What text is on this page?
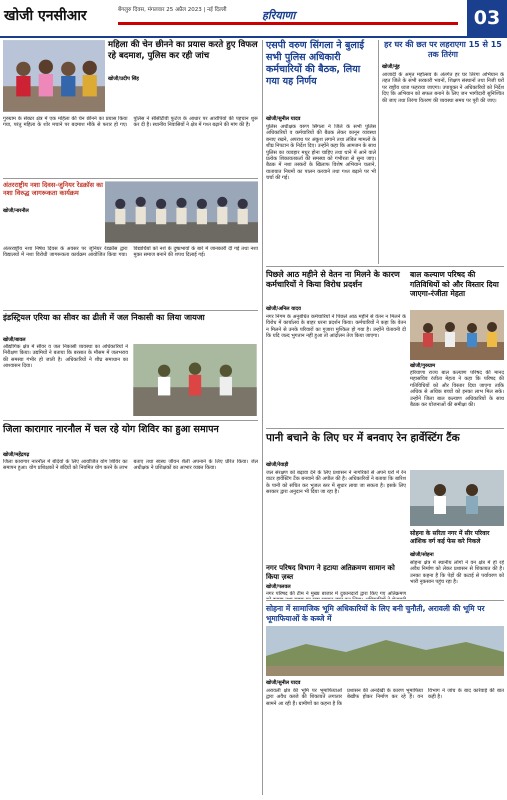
खोजी एनसीआर	बेंगलुरु दिवस, मंगलवार 25 अप्रैल 2023 | नई दिल्ली	हरियाणा	03
महिला की चेन छीनने का प्रयास करते हुए विफल रहे बदमाश, पुलिस कर रही जांच
खोजी/प्रदीप सिंह

गुरुग्राम के सेक्टर क्षेत्र में एक महिला की चेन छीनने का प्रयास किया गया, परंतु महिला के शोर मचाने पर बदमाश मौके से फरार हो गए। पुलिस ने सीसीटीवी फुटेज के आधार पर आरोपियों की पहचान शुरू कर दी है। स्थानीय निवासियों ने क्षेत्र में गश्त बढ़ाने की मांग की है।

अंतरराष्ट्रीय नशा दिवस-जुनियर रेडक्रॉस का नशा विरुद्ध जागरूकता कार्यक्रम
खोजी/नारनौल

अंतरराष्ट्रीय नशा निषेध दिवस के अवसर पर जूनियर रेडक्रॉस द्वारा विद्यालयों में नशा विरोधी जागरूकता कार्यक्रम आयोजित किया गया। विद्यार्थियों को नशे के दुष्प्रभावों के बारे में जानकारी दी गई तथा नशा मुक्त समाज बनाने की शपथ दिलाई गई।

इंडस्ट्रियल एरिया का सीवर का ढीली में जल निकासी का लिया जायजा
खोजी/बावल

औद्योगिक क्षेत्र में सीवर व जल निकासी व्यवस्था का अधिकारियों ने निरीक्षण किया। उद्यमियों ने बताया कि बरसात के मौसम में जलभराव की समस्या गंभीर हो जाती है। अधिकारियों ने शीघ्र समाधान का आश्वासन दिया।

जिला कारागार नारनौल में चल रहे योग शिविर का हुआ समापन
खोजी/महेंद्रगढ़

जिला कारागार नारनौल में बंदियों के लिए आयोजित योग शिविर का समापन हुआ। योग प्रशिक्षकों ने बंदियों को नियमित योग करने के लाभ बताए तथा स्वस्थ जीवन शैली अपनाने के लिए प्रेरित किया। जेल अधीक्षक ने प्रशिक्षकों का आभार व्यक्त किया।

हर घर की छत पर लहराएगा 15 से 15 तक तिरंगा
खोजी/नूंह

आजादी के अमृत महोत्सव के अंतर्गत हर घर तिरंगा अभियान के तहत जिले के सभी सरकारी भवनों, शिक्षण संस्थानों तथा निजी घरों पर राष्ट्रीय ध्वज फहराया जाएगा। उपायुक्त ने अधिकारियों को निर्देश दिए कि अभियान को सफल बनाने के लिए जन भागीदारी सुनिश्चित की जाए तथा तिरंगा वितरण की व्यवस्था समय पर पूरी की जाए।

एसपी वरुण सिंगला ने बुलाई सभी पुलिस अधिकारी कर्मचारियों की बैठक, लिया गया यह निर्णय
खोजी/सुनील यादव

पुलिस अधीक्षक वरुण सिंगला ने जिले के सभी पुलिस अधिकारियों व कर्मचारियों की बैठक लेकर कानून व्यवस्था बनाए रखने, अपराध पर अंकुश लगाने तथा लंबित मामलों के शीघ्र निपटान के निर्देश दिए। उन्होंने कहा कि आमजन के साथ पुलिस का व्यवहार मधुर होना चाहिए तथा थाने में आने वाले प्रत्येक शिकायतकर्ता की समस्या को गंभीरता से सुना जाए। बैठक में नशा तस्करों के खिलाफ विशेष अभियान चलाने, यातायात नियमों का पालन करवाने तथा गश्त बढ़ाने पर भी चर्चा की गई।

पिछले आठ महीने से वेतन ना मिलने के कारण कर्मचारियों ने किया विरोध प्रदर्शन
खोजी/अनिल यादव

नगर निगम के अनुबंधित कर्मचारियों ने पिछले आठ महीने से वेतन न मिलने के विरोध में कार्यालय के बाहर धरना प्रदर्शन किया। कर्मचारियों ने कहा कि वेतन न मिलने से उनके परिवारों का गुजारा मुश्किल हो गया है। उन्होंने चेतावनी दी कि यदि जल्द भुगतान नहीं हुआ तो आंदोलन तेज किया जाएगा।

बाल कल्याण परिषद की गतिविधियों को और विस्तार दिया जाएगा-रंजीता मेहता
खोजी/गुरुग्राम

हरियाणा राज्य बाल कल्याण परिषद की मानद महासचिव रंजीता मेहता ने कहा कि परिषद की गतिविधियों को और विस्तार दिया जाएगा ताकि अधिक से अधिक बच्चों को इनका लाभ मिल सके। उन्होंने जिला बाल कल्याण अधिकारियों के साथ बैठक कर योजनाओं की समीक्षा की।

पानी बचाने के लिए घर में बनवाए रेन हार्वेस्टिंग टैंक
खोजी/रेवाड़ी

जल संरक्षण को बढ़ावा देने के लिए प्रशासन ने नागरिकों से अपने घरों में रेन वाटर हार्वेस्टिंग टैंक बनवाने की अपील की है। अधिकारियों ने बताया कि बारिश के पानी को संचित कर भूजल स्तर में सुधार लाया जा सकता है। इसके लिए सरकार द्वारा अनुदान भी दिया जा रहा है।

सोहना के सरिता नगर में सीर परिवार आंशिक वर्ग कई फेस करे निकले
खोजी/सोहना

सोहना क्षेत्र में स्थानीय लोगों ने वन क्षेत्र में हो रहे अवैध निर्माण को लेकर प्रशासन से शिकायत की है। उनका कहना है कि पेड़ों की कटाई से पर्यावरण को भारी नुकसान पहुंच रहा है।

नगर परिषद विभाग ने हटाया अतिक्रमण सामान को किया ज़ब्त
खोजी/पलवल

नगर परिषद की टीम ने मुख्य बाजार में दुकानदारों द्वारा किए गए अतिक्रमण

सोहना में सामाजिक भूमि अधिकारियों के लिए बनी चुनौती, अरावली की भूमि पर भूमाफियाओं के कब्जे में
खोजी/सुनील यादव

अरावली क्षेत्र की भूमि पर भूमाफियाओं द्वारा अवैध कब्जे की शिकायतें लगातार सामने आ रही हैं। ग्रामीणों का कहना है कि प्रशासन की अनदेखी के कारण भूमाफिया बेखौफ होकर निर्माण कर रहे हैं। वन विभाग ने जांच के बाद कार्रवाई की बात कही है।
